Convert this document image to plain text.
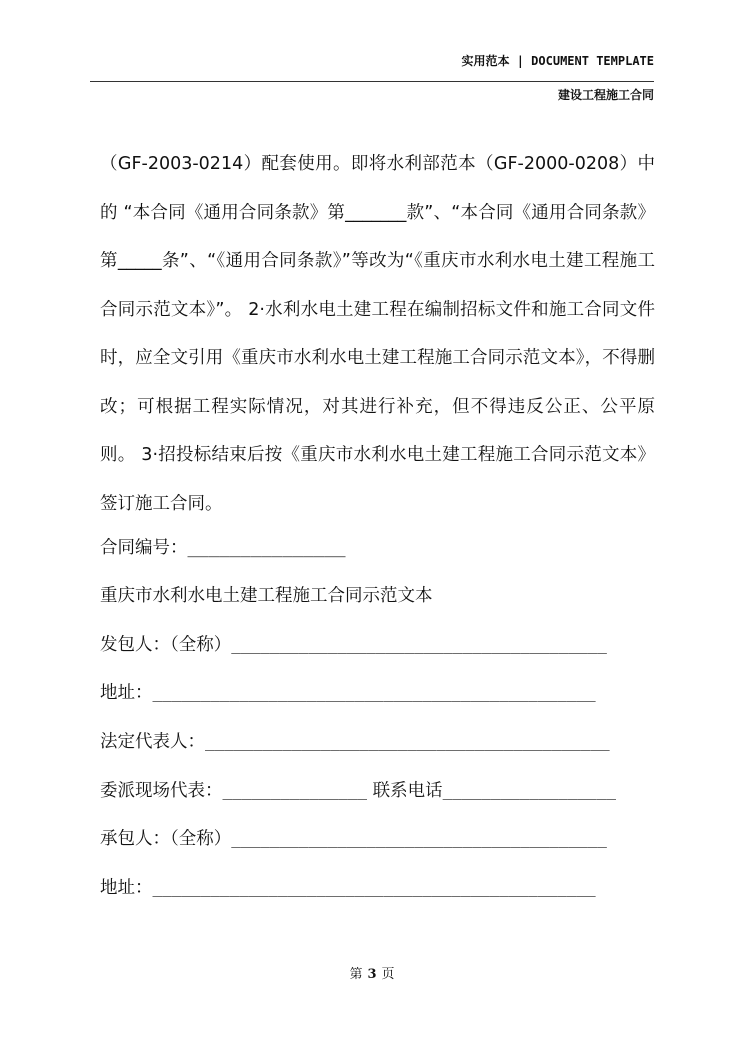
实用范本 | DOCUMENT TEMPLATE
建设工程施工合同

（GF-2003-0214）配套使用。即将水利部范本（GF-2000-0208）中的 “本合同《通用合同条款》第_______款”、“本合同《通用合同条款》第_____条”、“《通用合同条款》”等改为“《重庆市水利水电土建工程施工合同示范文本》”。 2·水利水电土建工程在编制招标文件和施工合同文件时，应全文引用《重庆市水利水电土建工程施工合同示范文本》，不得删改；可根据工程实际情况，对其进行补充，但不得违反公正、公平原则。 3·招投标结束后按《重庆市水利水电土建工程施工合同示范文本》签订施工合同。

合同编号：_______________
重庆市水利水电土建工程施工合同示范文本
发包人：（全称）_______________________________________
地址：______________________________________________
法定代表人：__________________________________________
委派现场代表：_______________ 联系电话__________________
承包人：（全称）_______________________________________
地址：______________________________________________
第 3 页
